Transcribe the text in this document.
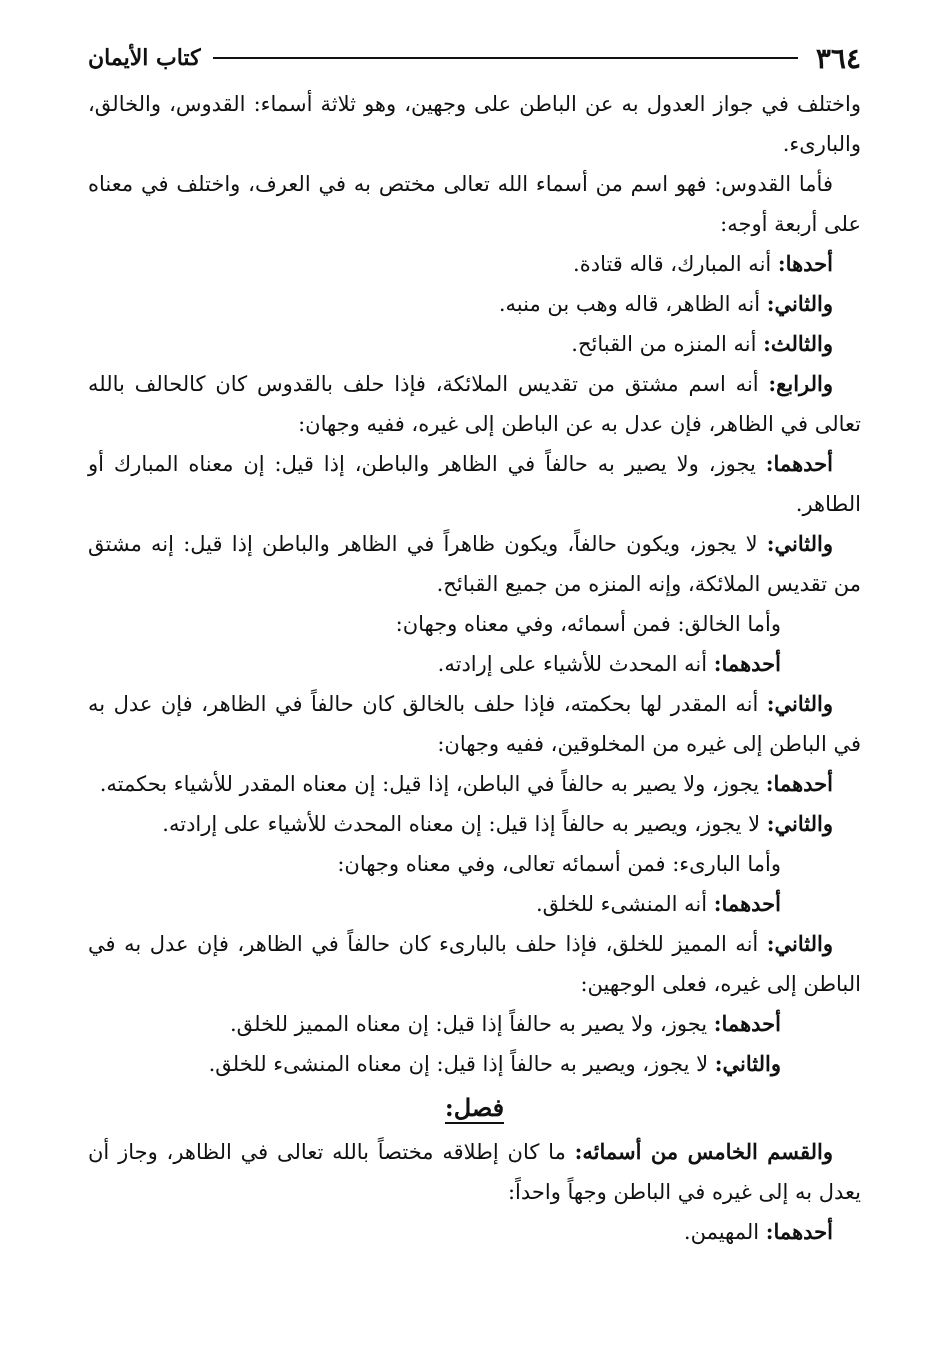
٣٦٤
كتاب الأيمان

واختلف في جواز العدول به عن الباطن على وجهين، وهو ثلاثة أسماء: القدوس، والخالق، والبارىء.

فأما القدوس: فهو اسم من أسماء الله تعالى مختص به في العرف، واختلف في معناه على أربعة أوجه:

أحدها: أنه المبارك، قاله قتادة.

والثاني: أنه الظاهر، قاله وهب بن منبه.

والثالث: أنه المنزه من القبائح.

والرابع: أنه اسم مشتق من تقديس الملائكة، فإذا حلف بالقدوس كان كالحالف بالله تعالى في الظاهر، فإن عدل به عن الباطن إلى غيره، ففيه وجهان:

أحدهما: يجوز، ولا يصير به حالفاً في الظاهر والباطن، إذا قيل: إن معناه المبارك أو الطاهر.

والثاني: لا يجوز، ويكون حالفاً، ويكون ظاهراً في الظاهر والباطن إذا قيل: إنه مشتق من تقديس الملائكة، وإنه المنزه من جميع القبائح.

وأما الخالق: فمن أسمائه، وفي معناه وجهان:

أحدهما: أنه المحدث للأشياء على إرادته.

والثاني: أنه المقدر لها بحكمته، فإذا حلف بالخالق كان حالفاً في الظاهر، فإن عدل به في الباطن إلى غيره من المخلوقين، ففيه وجهان:

أحدهما: يجوز، ولا يصير به حالفاً في الباطن، إذا قيل: إن معناه المقدر للأشياء بحكمته.

والثاني: لا يجوز، ويصير به حالفاً إذا قيل: إن معناه المحدث للأشياء على إرادته.

وأما البارىء: فمن أسمائه تعالى، وفي معناه وجهان:

أحدهما: أنه المنشىء للخلق.

والثاني: أنه المميز للخلق، فإذا حلف بالبارىء كان حالفاً في الظاهر، فإن عدل به في الباطن إلى غيره، فعلى الوجهين:

أحدهما: يجوز، ولا يصير به حالفاً إذا قيل: إن معناه المميز للخلق.

والثاني: لا يجوز، ويصير به حالفاً إذا قيل: إن معناه المنشىء للخلق.

فصل:

والقسم الخامس من أسمائه: ما كان إطلاقه مختصاً بالله تعالى في الظاهر، وجاز أن يعدل به إلى غيره في الباطن وجهاً واحداً:

أحدهما: المهيمن.
